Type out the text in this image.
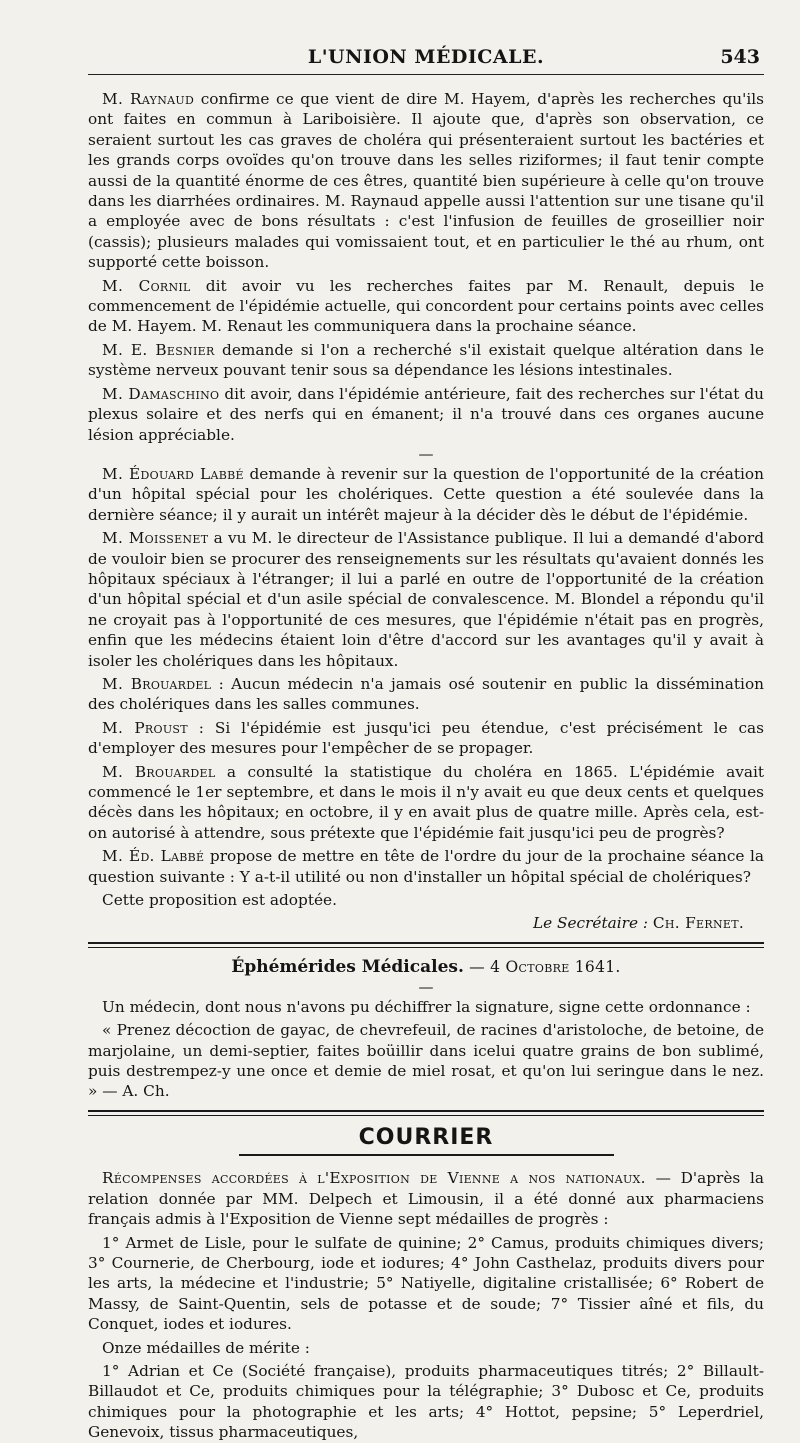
L'UNION MÉDICALE.	543

M. Raynaud confirme ce que vient de dire M. Hayem, d'après les recherches qu'ils ont faites en commun à Lariboisière. Il ajoute que, d'après son observation, ce seraient surtout les cas graves de choléra qui présenteraient surtout les bactéries et les grands corps ovoïdes qu'on trouve dans les selles riziformes; il faut tenir compte aussi de la quantité énorme de ces êtres, quantité bien supérieure à celle qu'on trouve dans les diarrhées ordinaires. M. Raynaud appelle aussi l'attention sur une tisane qu'il a employée avec de bons résultats : c'est l'infusion de feuilles de groseillier noir (cassis); plusieurs malades qui vomissaient tout, et en particulier le thé au rhum, ont supporté cette boisson.

M. Cornil dit avoir vu les recherches faites par M. Renault, depuis le commencement de l'épidémie actuelle, qui concordent pour certains points avec celles de M. Hayem. M. Renaut les communiquera dans la prochaine séance.

M. E. Besnier demande si l'on a recherché s'il existait quelque altération dans le système nerveux pouvant tenir sous sa dépendance les lésions intestinales.

M. Damaschino dit avoir, dans l'épidémie antérieure, fait des recherches sur l'état du plexus solaire et des nerfs qui en émanent; il n'a trouvé dans ces organes aucune lésion appréciable.

—

M. Édouard Labbé demande à revenir sur la question de l'opportunité de la création d'un hôpital spécial pour les cholériques. Cette question a été soulevée dans la dernière séance; il y aurait un intérêt majeur à la décider dès le début de l'épidémie.

M. Moissenet a vu M. le directeur de l'Assistance publique. Il lui a demandé d'abord de vouloir bien se procurer des renseignements sur les résultats qu'avaient donnés les hôpitaux spéciaux à l'étranger; il lui a parlé en outre de l'opportunité de la création d'un hôpital spécial et d'un asile spécial de convalescence. M. Blondel a répondu qu'il ne croyait pas à l'opportunité de ces mesures, que l'épidémie n'était pas en progrès, enfin que les médecins étaient loin d'être d'accord sur les avantages qu'il y avait à isoler les cholériques dans les hôpitaux.

M. Brouardel : Aucun médecin n'a jamais osé soutenir en public la dissémination des cholériques dans les salles communes.

M. Proust : Si l'épidémie est jusqu'ici peu étendue, c'est précisément le cas d'employer des mesures pour l'empêcher de se propager.

M. Brouardel a consulté la statistique du choléra en 1865. L'épidémie avait commencé le 1er septembre, et dans le mois il n'y avait eu que deux cents et quelques décès dans les hôpitaux; en octobre, il y en avait plus de quatre mille. Après cela, est-on autorisé à attendre, sous prétexte que l'épidémie fait jusqu'ici peu de progrès?

M. Éd. Labbé propose de mettre en tête de l'ordre du jour de la prochaine séance la question suivante : Y a-t-il utilité ou non d'installer un hôpital spécial de cholériques?

Cette proposition est adoptée.

Le Secrétaire : Ch. Fernet.

Éphémérides Médicales. — 4 Octobre 1641.

—

Un médecin, dont nous n'avons pu déchiffrer la signature, signe cette ordonnance :

« Prenez décoction de gayac, de chevrefeuil, de racines d'aristoloche, de betoine, de marjolaine, un demi-septier, faites boüillir dans icelui quatre grains de bon sublimé, puis destrempez-y une once et demie de miel rosat, et qu'on lui seringue dans le nez. » — A. Ch.

COURRIER

Récompenses accordées à l'Exposition de Vienne a nos nationaux. — D'après la relation donnée par MM. Delpech et Limousin, il a été donné aux pharmaciens français admis à l'Exposition de Vienne sept médailles de progrès :

1° Armet de Lisle, pour le sulfate de quinine; 2° Camus, produits chimiques divers; 3° Cournerie, de Cherbourg, iode et iodures; 4° John Casthelaz, produits divers pour les arts, la médecine et l'industrie; 5° Natiyelle, digitaline cristallisée; 6° Robert de Massy, de Saint-Quentin, sels de potasse et de soude; 7° Tissier aîné et fils, du Conquet, iodes et iodures.

Onze médailles de mérite :

1° Adrian et Ce (Société française), produits pharmaceutiques titrés; 2° Billault-Billaudot et Ce, produits chimiques pour la télégraphie; 3° Dubosc et Ce, produits chimiques pour la photographie et les arts; 4° Hottot, pepsine; 5° Leperdriel, Genevoix, tissus pharmaceutiques,
